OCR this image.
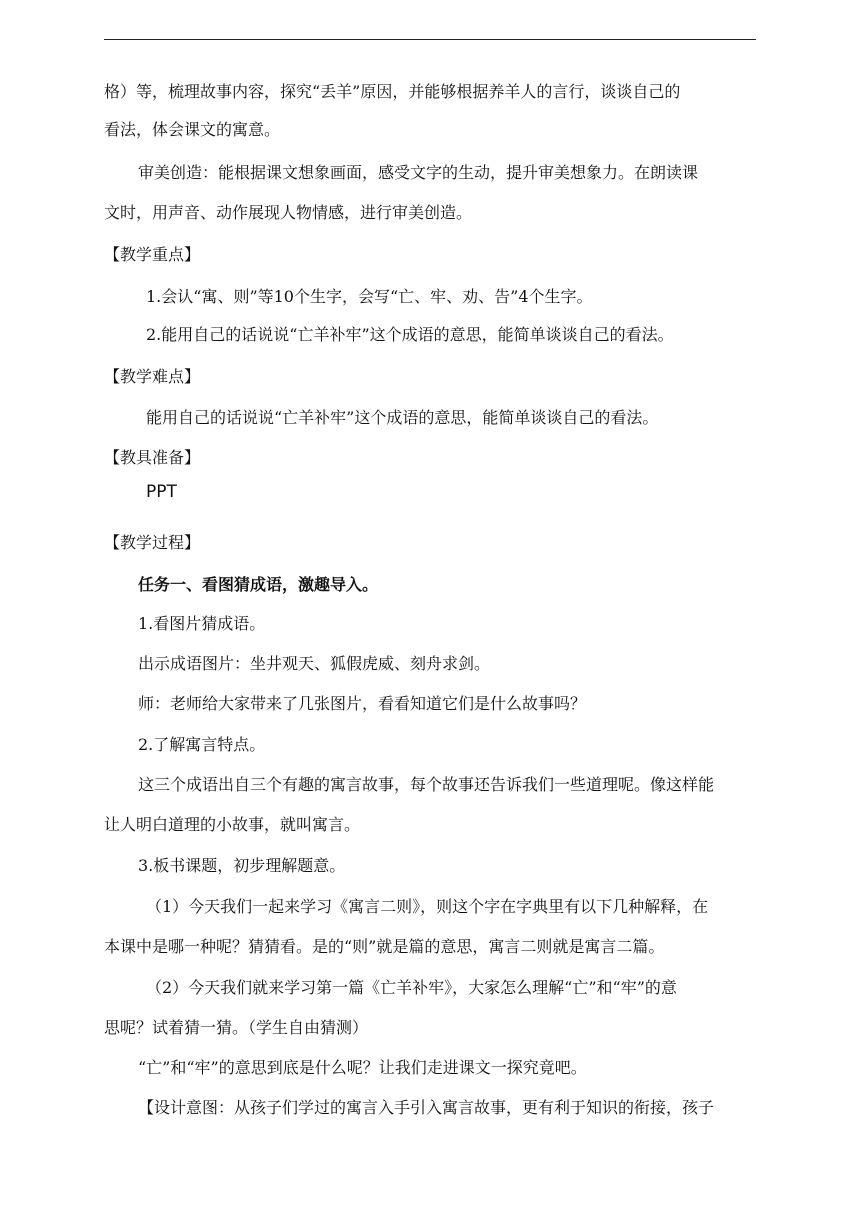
格）等，梳理故事内容，探究“丢羊”原因，并能够根据养羊人的言行，谈谈自己的
看法，体会课文的寓意。
审美创造：能根据课文想象画面，感受文字的生动，提升审美想象力。在朗读课
文时，用声音、动作展现人物情感，进行审美创造。
【教学重点】
1.会认“寓、则”等10个生字，会写“亡、牢、劝、告”4个生字。
2.能用自己的话说说“亡羊补牢”这个成语的意思，能简单谈谈自己的看法。
【教学难点】
能用自己的话说说“亡羊补牢”这个成语的意思，能简单谈谈自己的看法。
【教具准备】
PPT
【教学过程】
任务一、看图猜成语，激趣导入。
1.看图片猜成语。
出示成语图片：坐井观天、狐假虎威、刻舟求剑。
师：老师给大家带来了几张图片，看看知道它们是什么故事吗？
2.了解寓言特点。
这三个成语出自三个有趣的寓言故事，每个故事还告诉我们一些道理呢。像这样能
让人明白道理的小故事，就叫寓言。
3.板书课题，初步理解题意。
（1）今天我们一起来学习《寓言二则》，则这个字在字典里有以下几种解释，在
本课中是哪一种呢？猜猜看。是的“则”就是篇的意思，寓言二则就是寓言二篇。
（2）今天我们就来学习第一篇《亡羊补牢》，大家怎么理解“亡”和“牢”的意
思呢？试着猜一猜。（学生自由猜测）
“亡”和“牢”的意思到底是什么呢？让我们走进课文一探究竟吧。
【设计意图：从孩子们学过的寓言入手引入寓言故事，更有利于知识的衔接，孩子
